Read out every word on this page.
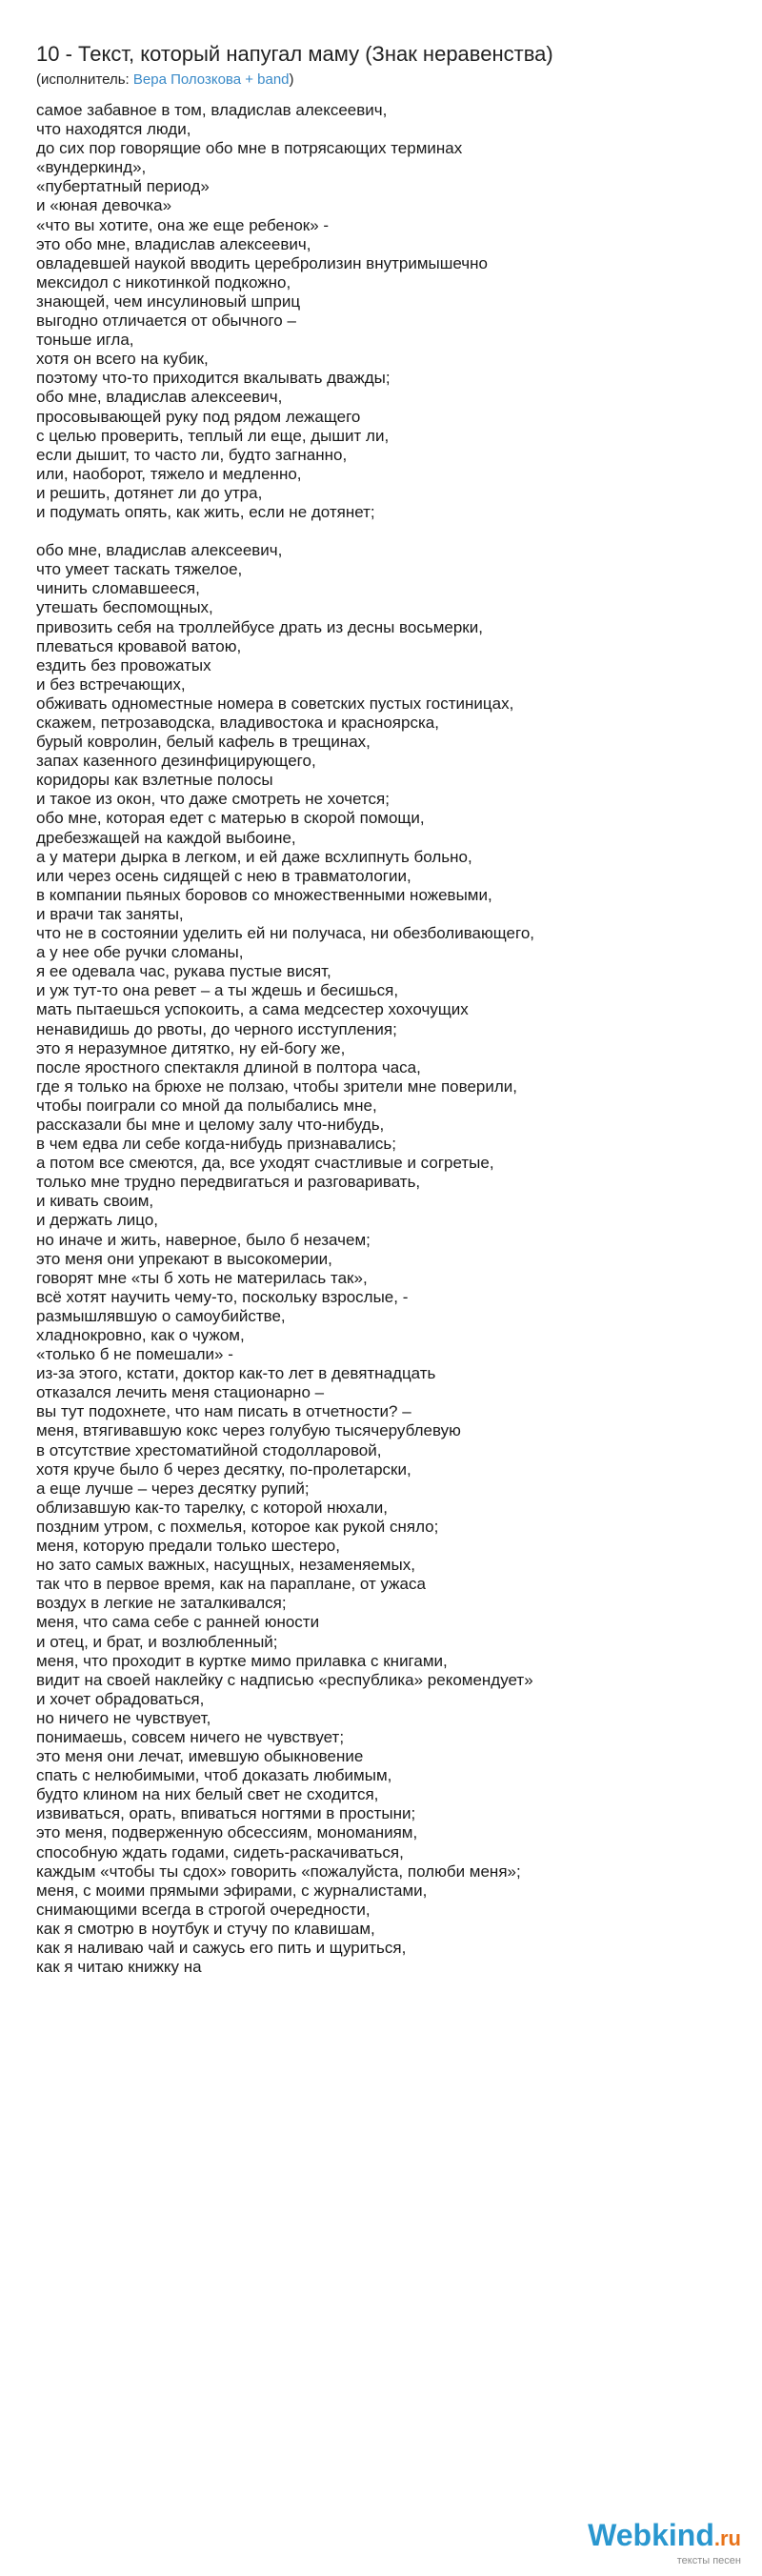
10 - Текст, который напугал маму (Знак неравенства)
(исполнитель: Вера Полозкова + band)
самое забавное в том, владислав алексеевич,
что находятся люди,
до сих пор говорящие обо мне в потрясающих терминах
«вундеркинд»,
«пубертатный период»
и «юная девочка»
«что вы хотите, она же еще ребенок» -
это обо мне, владислав алексеевич,
овладевшей наукой вводить церебролизин внутримышечно
мексидол с никотинкой подкожно,
знающей, чем инсулиновый шприц
выгодно отличается от обычного –
тоньше игла,
хотя он всего на кубик,
поэтому что-то приходится вкалывать дважды;
обо мне, владислав алексеевич,
просовывающей руку под рядом лежащего
с целью проверить, теплый ли еще, дышит ли,
если дышит, то часто ли, будто загнанно,
или, наоборот, тяжело и медленно,
и решить, дотянет ли до утра,
и подумать опять, как жить, если не дотянет;
обо мне, владислав алексеевич,
что умеет таскать тяжелое,
чинить сломавшееся,
утешать беспомощных,
привозить себя на троллейбусе драть из десны восьмерки,
плеваться кровавой ватою,
ездить без провожатых
и без встречающих,
обживать одноместные номера в советских пустых гостиницах,
скажем, петрозаводска, владивостока и красноярска,
бурый ковролин, белый кафель в трещинах,
запах казенного дезинфицирующего,
коридоры как взлетные полосы
и такое из окон, что даже смотреть не хочется;
обо мне, которая едет с матерью в скорой помощи,
дребезжащей на каждой выбоине,
а у матери дырка в легком, и ей даже всхлипнуть больно,
или через осень сидящей с нею в травматологии,
в компании пьяных боровов со множественными ножевыми,
и врачи так заняты,
что не в состоянии уделить ей ни получаса, ни обезболивающего,
а у нее обе ручки сломаны,
я ее одевала час, рукава пустые висят,
и уж тут-то она ревет – а ты ждешь и бесишься,
мать пытаешься успокоить, а сама медсестер хохочущих
ненавидишь до рвоты, до черного исступления;
это я неразумное дитятко, ну ей-богу же,
после яростного спектакля длиной в полтора часа,
где я только на брюхе не ползаю, чтобы зрители мне поверили,
чтобы поиграли со мной да полыбались мне,
рассказали бы мне и целому залу что-нибудь,
в чем едва ли себе когда-нибудь признавались;
а потом все смеются, да, все уходят счастливые и согретые,
только мне трудно передвигаться и разговаривать,
и кивать своим,
и держать лицо,
но иначе и жить, наверное, было б незачем;
это меня они упрекают в высокомерии,
говорят мне «ты б хоть не материлась так»,
всё хотят научить чему-то, поскольку взрослые, -
размышлявшую о самоубийстве,
хладнокровно, как о чужом,
«только б не помешали» -
из-за этого, кстати, доктор как-то лет в девятнадцать
отказался лечить меня стационарно –
вы тут подохнете, что нам писать в отчетности? –
меня, втягивавшую кокс через голубую тысячерублевую
в отсутствие хрестоматийной стодолларовой,
хотя круче было б через десятку, по-пролетарски,
а еще лучше – через десятку рупий;
облизавшую как-то тарелку, с которой нюхали,
поздним утром, с похмелья, которое как рукой сняло;
меня, которую предали только шестеро,
но зато самых важных, насущных, незаменяемых,
так что в первое время, как на параплане, от ужаса
воздух в легкие не заталкивался;
меня, что сама себе с ранней юности
и отец, и брат, и возлюбленный;
меня, что проходит в куртке мимо прилавка с книгами,
видит на своей наклейку с надписью «республика» рекомендует»
и хочет обрадоваться,
но ничего не чувствует,
понимаешь, совсем ничего не чувствует;
это меня они лечат, имевшую обыкновение
спать с нелюбимыми, чтоб доказать любимым,
будто клином на них белый свет не сходится,
извиваться, орать, впиваться ногтями в простыни;
это меня, подверженную обсессиям, мономаниям,
способную ждать годами, сидеть-раскачиваться,
каждым «чтобы ты сдох» говорить «пожалуйста, полюби меня»;
меня, с моими прямыми эфирами, с журналистами,
снимающими всегда в строгой очередности,
как я смотрю в ноутбук и стучу по клавишам,
как я наливаю чай и сажусь его пить и щуриться,
как я читаю книжку на
Webkind.ru
тексты песен
